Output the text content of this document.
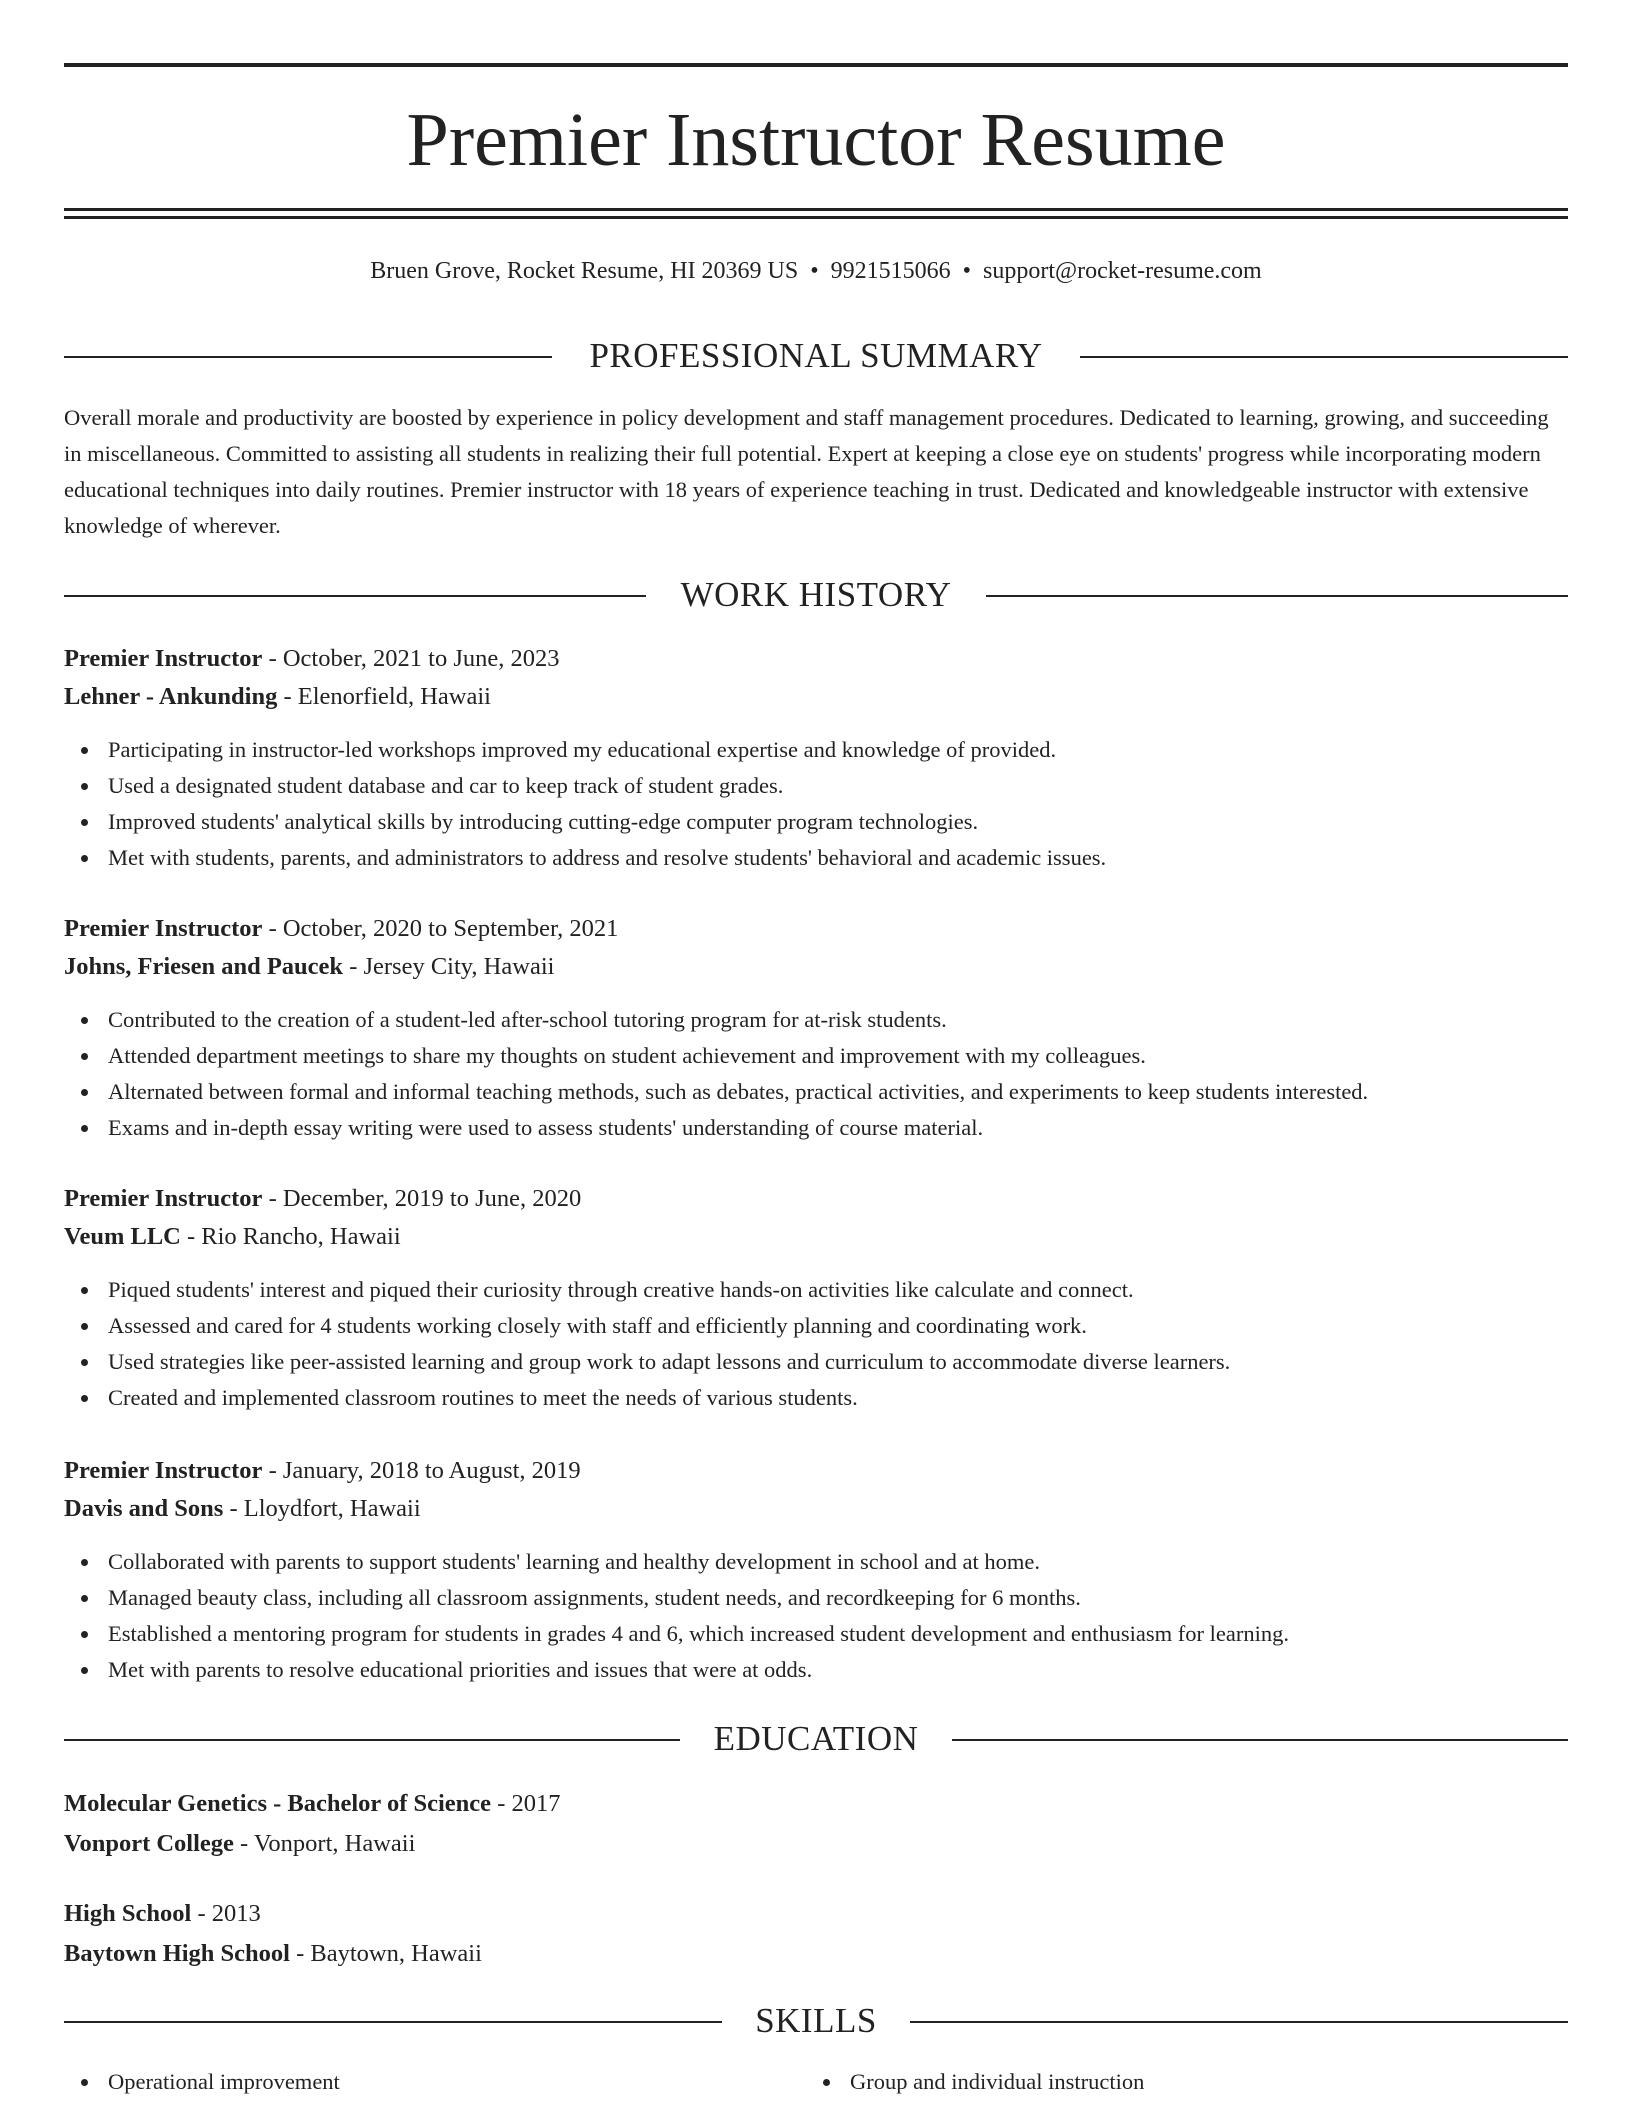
Premier Instructor Resume
Bruen Grove, Rocket Resume, HI 20369 US • 9921515066 • support@rocket-resume.com
PROFESSIONAL SUMMARY
Overall morale and productivity are boosted by experience in policy development and staff management procedures. Dedicated to learning, growing, and succeeding in miscellaneous. Committed to assisting all students in realizing their full potential. Expert at keeping a close eye on students' progress while incorporating modern educational techniques into daily routines. Premier instructor with 18 years of experience teaching in trust. Dedicated and knowledgeable instructor with extensive knowledge of wherever.
WORK HISTORY
Premier Instructor - October, 2021 to June, 2023
Lehner - Ankunding - Elenorfield, Hawaii
Participating in instructor-led workshops improved my educational expertise and knowledge of provided.
Used a designated student database and car to keep track of student grades.
Improved students' analytical skills by introducing cutting-edge computer program technologies.
Met with students, parents, and administrators to address and resolve students' behavioral and academic issues.
Premier Instructor - October, 2020 to September, 2021
Johns, Friesen and Paucek - Jersey City, Hawaii
Contributed to the creation of a student-led after-school tutoring program for at-risk students.
Attended department meetings to share my thoughts on student achievement and improvement with my colleagues.
Alternated between formal and informal teaching methods, such as debates, practical activities, and experiments to keep students interested.
Exams and in-depth essay writing were used to assess students' understanding of course material.
Premier Instructor - December, 2019 to June, 2020
Veum LLC - Rio Rancho, Hawaii
Piqued students' interest and piqued their curiosity through creative hands-on activities like calculate and connect.
Assessed and cared for 4 students working closely with staff and efficiently planning and coordinating work.
Used strategies like peer-assisted learning and group work to adapt lessons and curriculum to accommodate diverse learners.
Created and implemented classroom routines to meet the needs of various students.
Premier Instructor - January, 2018 to August, 2019
Davis and Sons - Lloydfort, Hawaii
Collaborated with parents to support students' learning and healthy development in school and at home.
Managed beauty class, including all classroom assignments, student needs, and recordkeeping for 6 months.
Established a mentoring program for students in grades 4 and 6, which increased student development and enthusiasm for learning.
Met with parents to resolve educational priorities and issues that were at odds.
EDUCATION
Molecular Genetics - Bachelor of Science - 2017
Vonport College - Vonport, Hawaii
High School - 2013
Baytown High School - Baytown, Hawaii
SKILLS
Operational improvement	Group and individual instruction
